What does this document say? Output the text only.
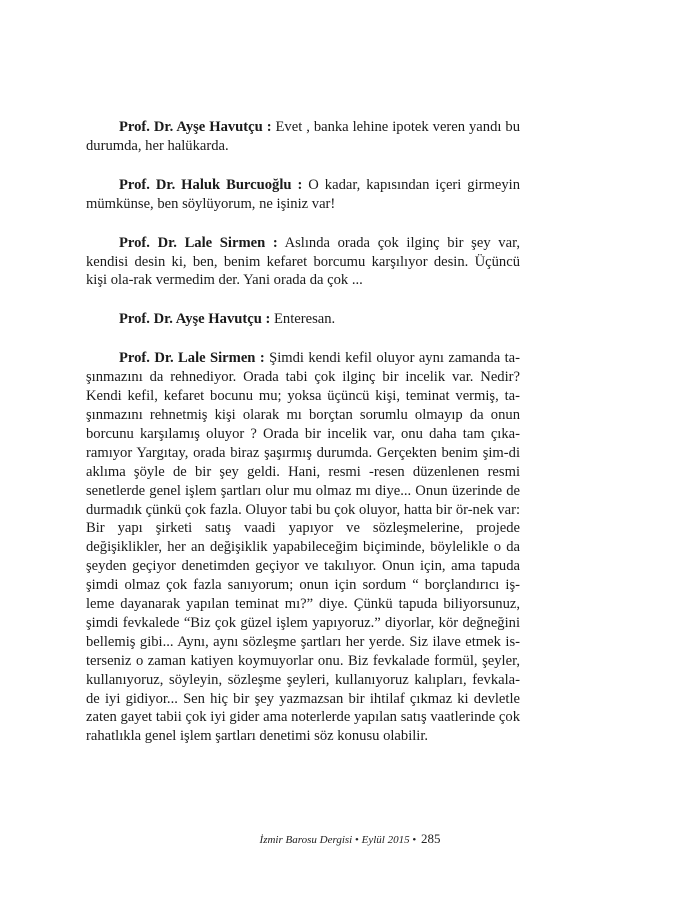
Prof. Dr. Ayşe Havutçu : Evet , banka lehine ipotek veren yandı bu durumda, her halükarda.

Prof. Dr. Haluk Burcuoğlu : O kadar, kapısından içeri girmeyin mümkünse, ben söylüyorum, ne işiniz var!

Prof. Dr. Lale Sirmen : Aslında orada çok ilginç bir şey var, kendisi desin ki, ben, benim kefaret borcumu karşılıyor desin. Üçüncü kişi ola-rak vermedim der. Yani orada da çok ...

Prof. Dr. Ayşe Havutçu : Enteresan.

Prof. Dr. Lale Sirmen : Şimdi kendi kefil oluyor aynı zamanda ta-şınmazını da rehnediyor. Orada tabi çok ilginç bir incelik var. Nedir? Kendi kefil, kefaret bocunu mu; yoksa üçüncü kişi, teminat vermiş, ta-şınmazını rehnetmiş kişi olarak mı borçtan sorumlu olmayıp da onun borcunu karşılamış oluyor ? Orada bir incelik var, onu daha tam çıka-ramıyor Yargıtay, orada biraz şaşırmış durumda. Gerçekten benim şim-di aklıma şöyle de bir şey geldi. Hani, resmi -resen düzenlenen resmi senetlerde genel işlem şartları olur mu olmaz mı diye... Onun üzerinde de durmadık çünkü çok fazla. Oluyor tabi bu çok oluyor, hatta bir ör-nek var: Bir yapı şirketi satış vaadi yapıyor ve sözleşmelerine, projede değişiklikler, her an değişiklik yapabileceğim biçiminde, böylelikle o da şeyden geçiyor denetimden geçiyor ve takılıyor. Onun için, ama tapuda şimdi olmaz çok fazla sanıyorum; onun için sordum “ borçlandırıcı iş-leme dayanarak yapılan teminat mı?” diye. Çünkü tapuda biliyorsunuz, şimdi fevkalede “Biz çok güzel işlem yapıyoruz.” diyorlar, kör değneğini bellemiş gibi... Aynı, aynı sözleşme şartları her yerde. Siz ilave etmek is-terseniz o zaman katiyen koymuyorlar onu. Biz fevkalade formül, şeyler, kullanıyoruz, söyleyin, sözleşme şeyleri, kullanıyoruz kalıpları, fevkala-de iyi gidiyor... Sen hiç bir şey yazmazsan bir ihtilaf çıkmaz ki devletle zaten gayet tabii çok iyi gider ama noterlerde yapılan satış vaatlerinde çok rahatlıkla genel işlem şartları denetimi söz konusu olabilir.

İzmir Barosu Dergisi • Eylül 2015 • 285
